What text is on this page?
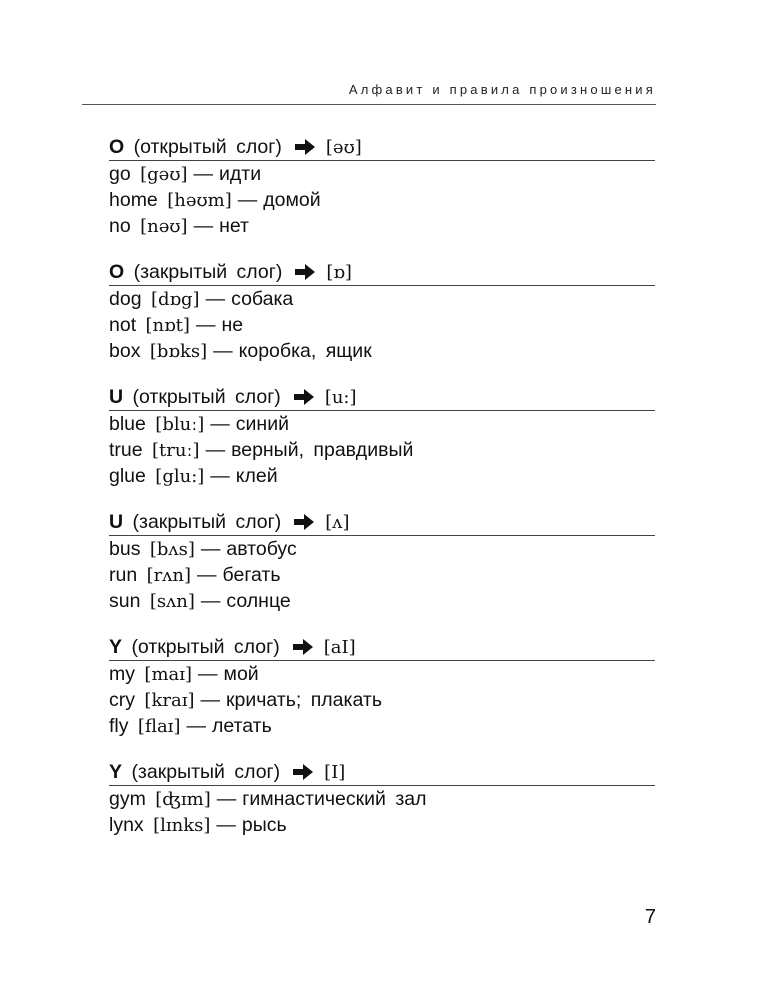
Алфавит и правила произношения
O (открытый слог) [əʊ]
go [gəʊ] — идти
home [həʊm] — домой
no [nəʊ] — нет
O (закрытый слог) [ɒ]
dog [dɒg] — собака
not [nɒt] — не
box [bɒks] — коробка, ящик
U (открытый слог) [u:]
blue [bluː] — синий
true [truː] — верный, правдивый
glue [glu:] — клей
U (закрытый слог) [ʌ]
bus [bʌs] — автобус
run [rʌn] — бегать
sun [sʌn] — солнце
Y (открытый слог) [aI]
my [maɪ] — мой
cry [kraɪ] — кричать; плакать
fly [flaɪ] — летать
Y (закрытый слог) [I]
gym [ʤɪm] — гимнастический зал
lynx [lɪnks] — рысь
7
